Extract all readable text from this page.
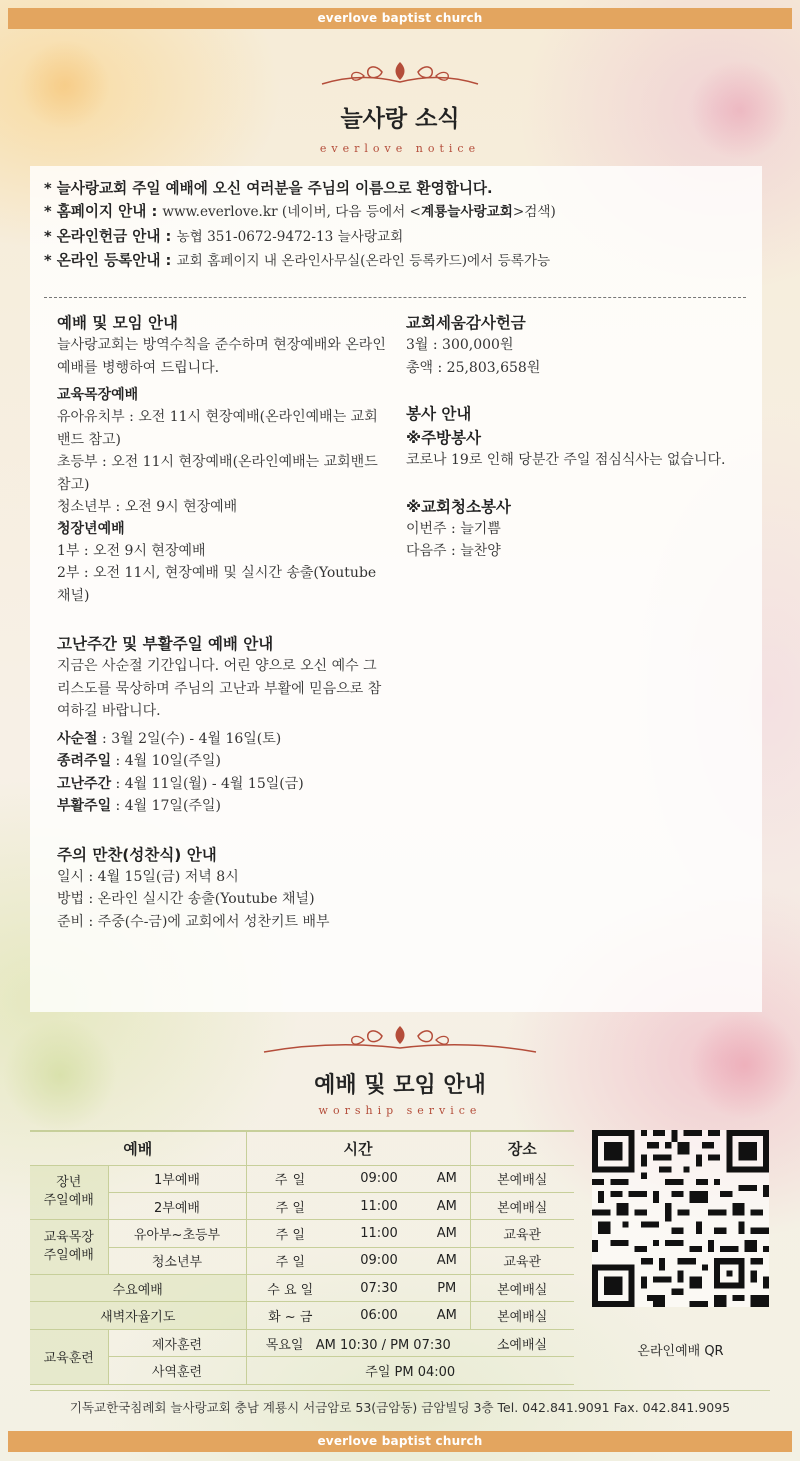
everlove baptist church
늘사랑 소식
everlove notice
* 늘사랑교회 주일 예배에 오신 여러분을 주님의 이름으로 환영합니다.
* 홈페이지 안내 : www.everlove.kr (네이버, 다음 등에서 <계룡늘사랑교회>검색)
* 온라인헌금 안내 : 농협 351-0672-9472-13 늘사랑교회
* 온라인 등록안내 : 교회 홈페이지 내 온라인사무실(온라인 등록카드)에서 등록가능
예배 및 모임 안내
늘사랑교회는 방역수칙을 준수하며 현장예배와 온라인예배를 병행하여 드립니다.
교육목장예배
유아유치부 : 오전 11시 현장예배(온라인예배는 교회밴드 참고)
초등부 : 오전 11시 현장예배(온라인예배는 교회밴드 참고)
청소년부 : 오전 9시 현장예배
청장년예배
1부 : 오전 9시 현장예배
2부 : 오전 11시, 현장예배 및 실시간 송출(Youtube 채널)
고난주간 및 부활주일 예배 안내
지금은 사순절 기간입니다. 어린 양으로 오신 예수 그리스도를 묵상하며 주님의 고난과 부활에 믿음으로 참여하길 바랍니다.
사순절 : 3월 2일(수) - 4월 16일(토)
종려주일 : 4월 10일(주일)
고난주간 : 4월 11일(월) - 4월 15일(금)
부활주일 : 4월 17일(주일)
주의 만찬(성찬식) 안내
일시 : 4월 15일(금) 저녁 8시
방법 : 온라인 실시간 송출(Youtube 채널)
준비 : 주중(수-금)에 교회에서 성찬키트 배부
교회세움감사헌금
3월 : 300,000원
총액 : 25,803,658원
봉사 안내
※주방봉사
코로나 19로 인해 당분간 주일 점심식사는 없습니다.
※교회청소봉사
이번주 : 늘기쁨
다음주 : 늘찬양
예배 및 모임 안내
worship service
예배		시간			장소
장년
주일예배	1부예배	주 일	09:00	AM	본예배실
	2부예배	주 일	11:00	AM	본예배실
교육목장
주일예배	유아부~초등부	주 일	11:00	AM	교육관
	청소년부	주 일	09:00	AM	교육관
수요예배		수 요 일	07:30	PM	본예배실
새벽자율기도		화 ~ 금	06:00	AM	본예배실
교육훈련	제자훈련	목요일   AM 10:30 / PM 07:30			소예배실
	사역훈련	주일 PM 04:00			
온라인예배 QR
기독교한국침례회 늘사랑교회 충남 계룡시 서금암로 53(금암동) 금암빌딩 3층 Tel. 042.841.9091 Fax. 042.841.9095
everlove baptist church
